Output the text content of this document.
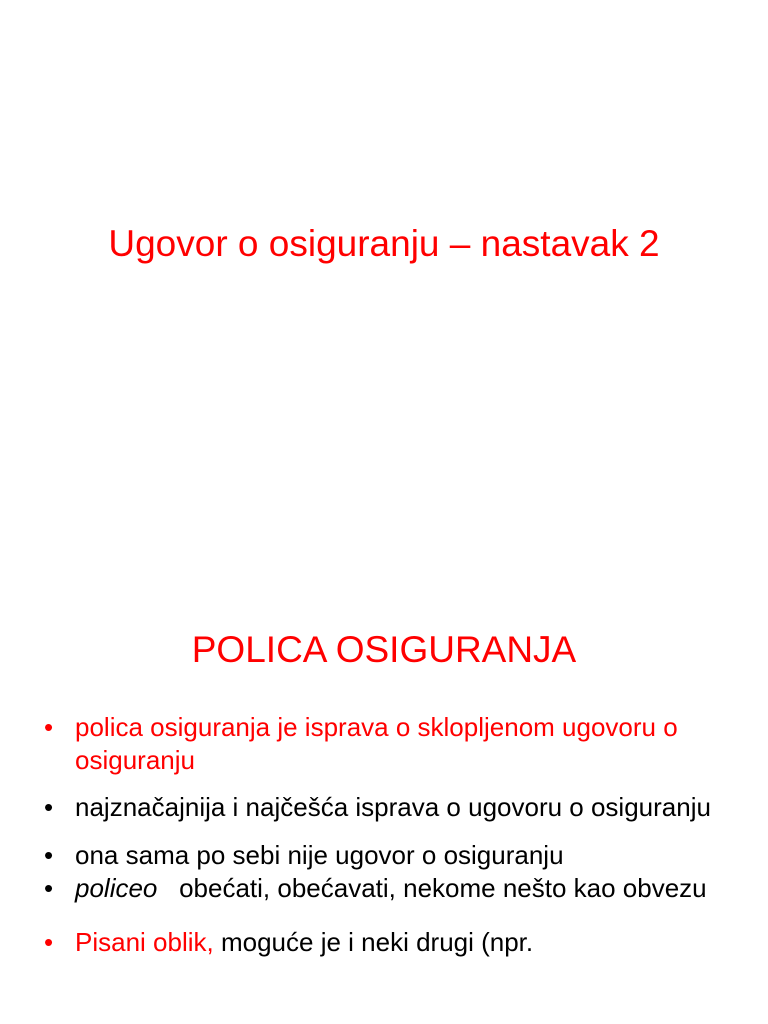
Ugovor o osiguranju – nastavak 2
POLICA OSIGURANJA
• polica osiguranja je isprava o sklopljenom ugovoru o osiguranju
• najznačajnija i najčešća isprava o ugovoru o osiguranju
• ona sama po sebi nije ugovor o osiguranju
• policeo obećati, obećavati, nekome nešto kao obvezu
• Pisani oblik, moguće je i neki drugi (npr.
